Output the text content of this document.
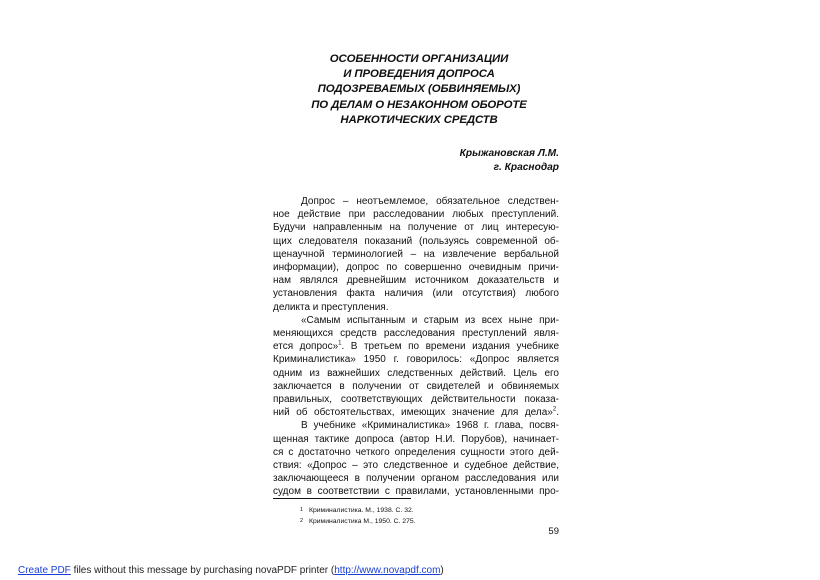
ОСОБЕННОСТИ ОРГАНИЗАЦИИ
И ПРОВЕДЕНИЯ ДОПРОСА
ПОДОЗРЕВАЕМЫХ (ОБВИНЯЕМЫХ)
ПО ДЕЛАМ О НЕЗАКОННОМ ОБОРОТЕ
НАРКОТИЧЕСКИХ СРЕДСТВ
Крыжановская Л.М.
г. Краснодар
Допрос – неотъемлемое, обязательное следствен-
ное действие при расследовании любых преступлений.
Будучи направленным на получение от лиц интересую-
щих следователя показаний (пользуясь современной об-
щенаучной терминологией – на извлечение вербальной
информации), допрос по совершенно очевидным причи-
нам являлся древнейшим источником доказательств и
установления факта наличия (или отсутствия) любого
деликта и преступления.
«Самым испытанным и старым из всех ныне при-
меняющихся средств расследования преступлений явля-
ется допрос»$^1$. В третьем по времени издания учебнике
Криминалистика» 1950 г. говорилось: «Допрос является
одним из важнейших следственных действий. Цель его
заключается в получении от свидетелей и обвиняемых
правильных, соответствующих действительности показа-
ний об обстоятельствах, имеющих значение для дела»$^2$.
В учебнике «Криминалистика» 1968 г. глава, посвя-
щенная тактике допроса (автор Н.И. Порубов), начинает-
ся с достаточно четкого определения сущности этого дей-
ствия: «Допрос – это следственное и судебное действие,
заключающееся в получении органом расследования или
судом в соответствии с правилами, установленными про-
1 Криминалистика. М., 1938. С. 32.
2 Криминалистика М., 1950. С. 275.
59
Create PDF files without this message by purchasing novaPDF printer (http://www.novapdf.com)
